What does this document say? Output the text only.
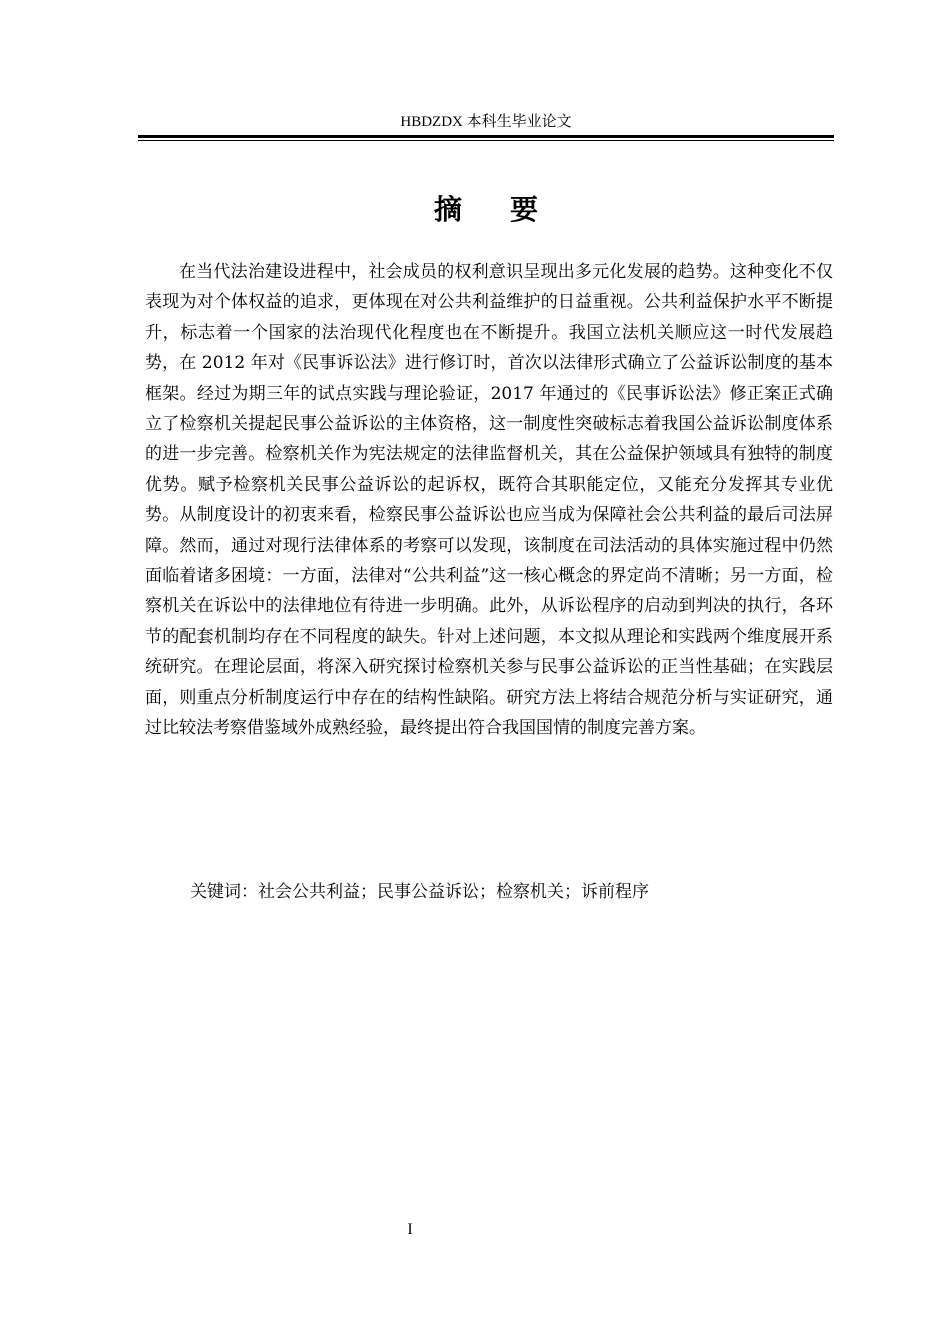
HBDZDX 本科生毕业论文
摘要

在当代法治建设进程中，社会成员的权利意识呈现出多元化发展的趋势。这种变化不仅表现为对个体权益的追求，更体现在对公共利益维护的日益重视。公共利益保护水平不断提升，标志着一个国家的法治现代化程度也在不断提升。我国立法机关顺应这一时代发展趋势，在 2012 年对《民事诉讼法》进行修订时，首次以法律形式确立了公益诉讼制度的基本框架。经过为期三年的试点实践与理论验证，2017 年通过的《民事诉讼法》修正案正式确立了检察机关提起民事公益诉讼的主体资格，这一制度性突破标志着我国公益诉讼制度体系的进一步完善。检察机关作为宪法规定的法律监督机关，其在公益保护领域具有独特的制度优势。赋予检察机关民事公益诉讼的起诉权，既符合其职能定位，又能充分发挥其专业优势。从制度设计的初衷来看，检察民事公益诉讼也应当成为保障社会公共利益的最后司法屏障。然而，通过对现行法律体系的考察可以发现，该制度在司法活动的具体实施过程中仍然面临着诸多困境：一方面，法律对“公共利益”这一核心概念的界定尚不清晰；另一方面，检察机关在诉讼中的法律地位有待进一步明确。此外，从诉讼程序的启动到判决的执行，各环节的配套机制均存在不同程度的缺失。针对上述问题，本文拟从理论和实践两个维度展开系统研究。在理论层面，将深入研究探讨检察机关参与民事公益诉讼的正当性基础；在实践层面，则重点分析制度运行中存在的结构性缺陷。研究方法上将结合规范分析与实证研究，通过比较法考察借鉴域外成熟经验，最终提出符合我国国情的制度完善方案。

关键词：社会公共利益；民事公益诉讼；检察机关；诉前程序

I
